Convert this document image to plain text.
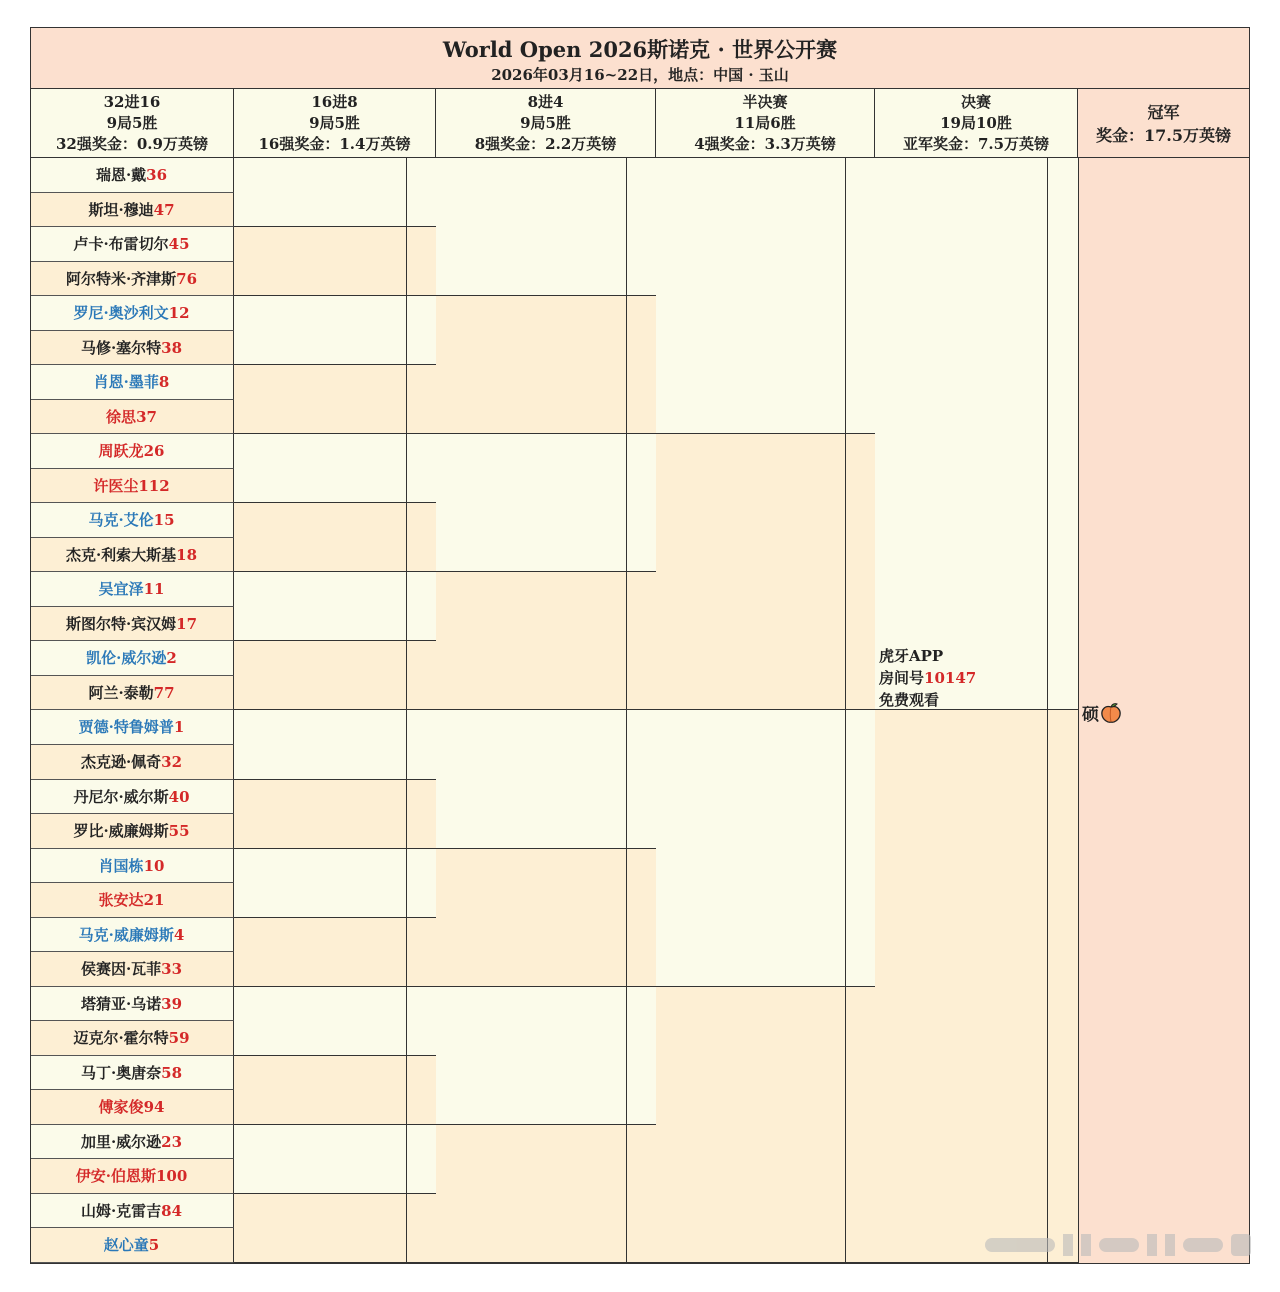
World Open 2026斯诺克 · 世界公开赛
2026年03月16~22日，地点：中国 · 玉山
32进16
9局5胜
32强奖金：0.9万英镑
16进8
9局5胜
16强奖金：1.4万英镑
8进4
9局5胜
8强奖金：2.2万英镑
半决赛
11局6胜
4强奖金：3.3万英镑
决赛
19局10胜
亚军奖金：7.5万英镑
冠军
奖金：17.5万英镑
瑞恩·戴36
斯坦·穆迪47
卢卡·布雷切尔45
阿尔特米·齐津斯76
罗尼·奥沙利文12
马修·塞尔特38
肖恩·墨菲8
徐思37
周跃龙26
许医尘112
马克·艾伦15
杰克·利索大斯基18
吴宜泽11
斯图尔特·宾汉姆17
凯伦·威尔逊2
阿兰·泰勒77
贾德·特鲁姆普1
杰克逊·佩奇32
丹尼尔·威尔斯40
罗比·威廉姆斯55
肖国栋10
张安达21
马克·威廉姆斯4
侯赛因·瓦菲33
塔猜亚·乌诺39
迈克尔·霍尔特59
马丁·奥唐奈58
傅家俊94
加里·威尔逊23
伊安·伯恩斯100
山姆·克雷吉84
赵心童5
虎牙APP
房间号10147
免费观看
硕
